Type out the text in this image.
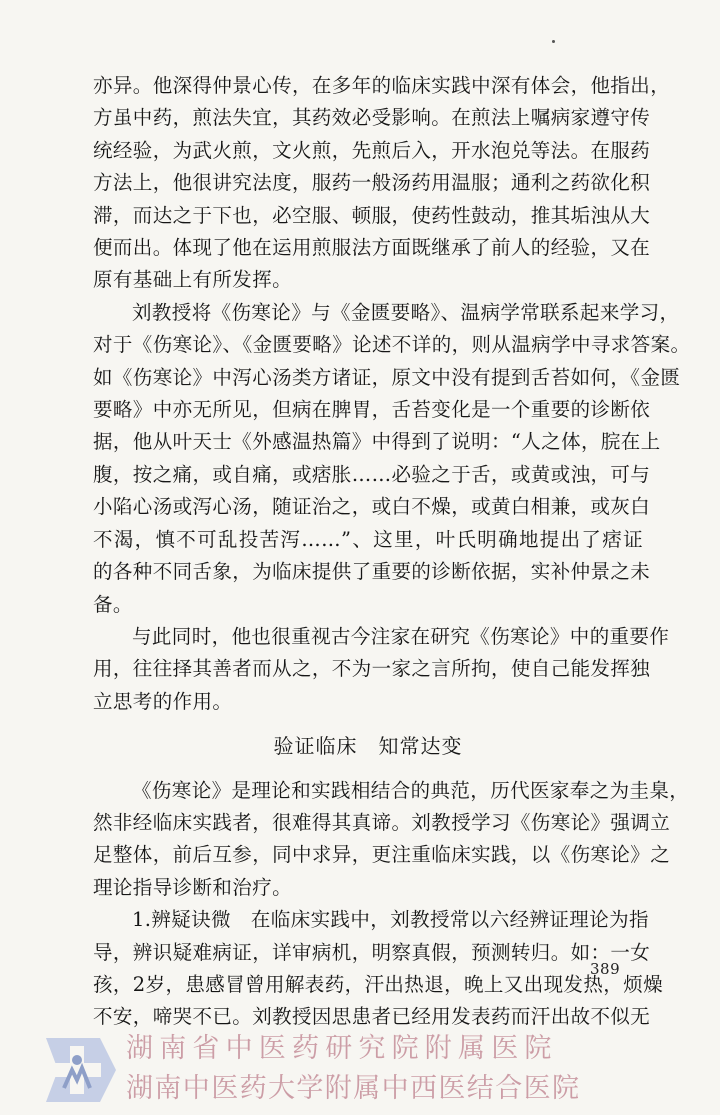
亦异。他深得仲景心传，在多年的临床实践中深有体会，他指出，
方虽中药，煎法失宜，其药效必受影响。在煎法上嘱病家遵守传
统经验，为武火煎，文火煎，先煎后入，开水泡兑等法。在服药
方法上，他很讲究法度，服药一般汤药用温服；通利之药欲化积
滞，而达之于下也，必空服、顿服，使药性鼓动，推其垢浊从大
便而出。体现了他在运用煎服法方面既继承了前人的经验，又在
原有基础上有所发挥。
刘教授将《伤寒论》与《金匮要略》、温病学常联系起来学习，
对于《伤寒论》、《金匮要略》论述不详的，则从温病学中寻求答案。
如《伤寒论》中泻心汤类方诸证，原文中没有提到舌苔如何，《金匮
要略》中亦无所见，但病在脾胃，舌苔变化是一个重要的诊断依
据，他从叶天士《外感温热篇》中得到了说明：“人之体，脘在上
腹，按之痛，或自痛，或痞胀……必验之于舌，或黄或浊，可与
小陷心汤或泻心汤，随证治之，或白不燥，或黄白相兼，或灰白
不渴，慎不可乱投苦泻……”、这里，叶氏明确地提出了痞证
的各种不同舌象，为临床提供了重要的诊断依据，实补仲景之未
备。
与此同时，他也很重视古今注家在研究《伤寒论》中的重要作
用，往往择其善者而从之，不为一家之言所拘，使自己能发挥独
立思考的作用。
验证临床　知常达变
《伤寒论》是理论和实践相结合的典范，历代医家奉之为圭臬，
然非经临床实践者，很难得其真谛。刘教授学习《伤寒论》强调立
足整体，前后互参，同中求异，更注重临床实践，以《伤寒论》之
理论指导诊断和治疗。
1.辨疑诀微　在临床实践中，刘教授常以六经辨证理论为指
导，辨识疑难病证，详审病机，明察真假，预测转归。如：一女
孩，2岁，患感冒曾用解表药，汗出热退，晚上又出现发热，烦燥
不安，啼哭不已。刘教授因思患者已经用发表药而汗出故不似无
389
湖南省中医药研究院附属医院
湖南中医药大学附属中西医结合医院
